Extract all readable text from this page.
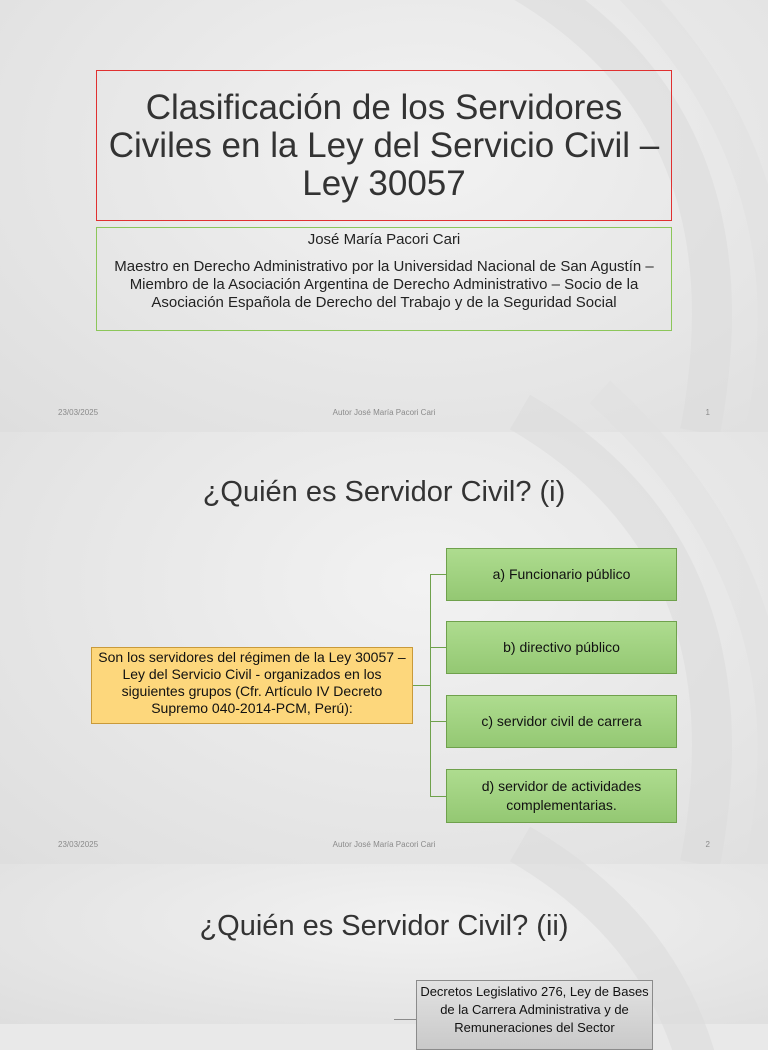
Clasificación de los Servidores Civiles en la Ley del Servicio Civil – Ley 30057
José María Pacori Cari
Maestro en Derecho Administrativo por la Universidad Nacional de San Agustín – Miembro de la Asociación Argentina de Derecho Administrativo – Socio de la Asociación Española de Derecho del Trabajo y de la Seguridad Social
23/03/2025	Autor José María Pacori Cari	1
¿Quién es Servidor Civil? (i)
Son los servidores del régimen de la Ley 30057 – Ley del Servicio Civil - organizados en los siguientes grupos (Cfr. Artículo IV Decreto Supremo 040-2014-PCM, Perú):
a) Funcionario público
b) directivo público
c) servidor civil de carrera
d) servidor de actividades complementarias.
23/03/2025	Autor José María Pacori Cari	2
¿Quién es Servidor Civil? (ii)
Decretos Legislativo 276, Ley de Bases de la Carrera Administrativa y de Remuneraciones del Sector
